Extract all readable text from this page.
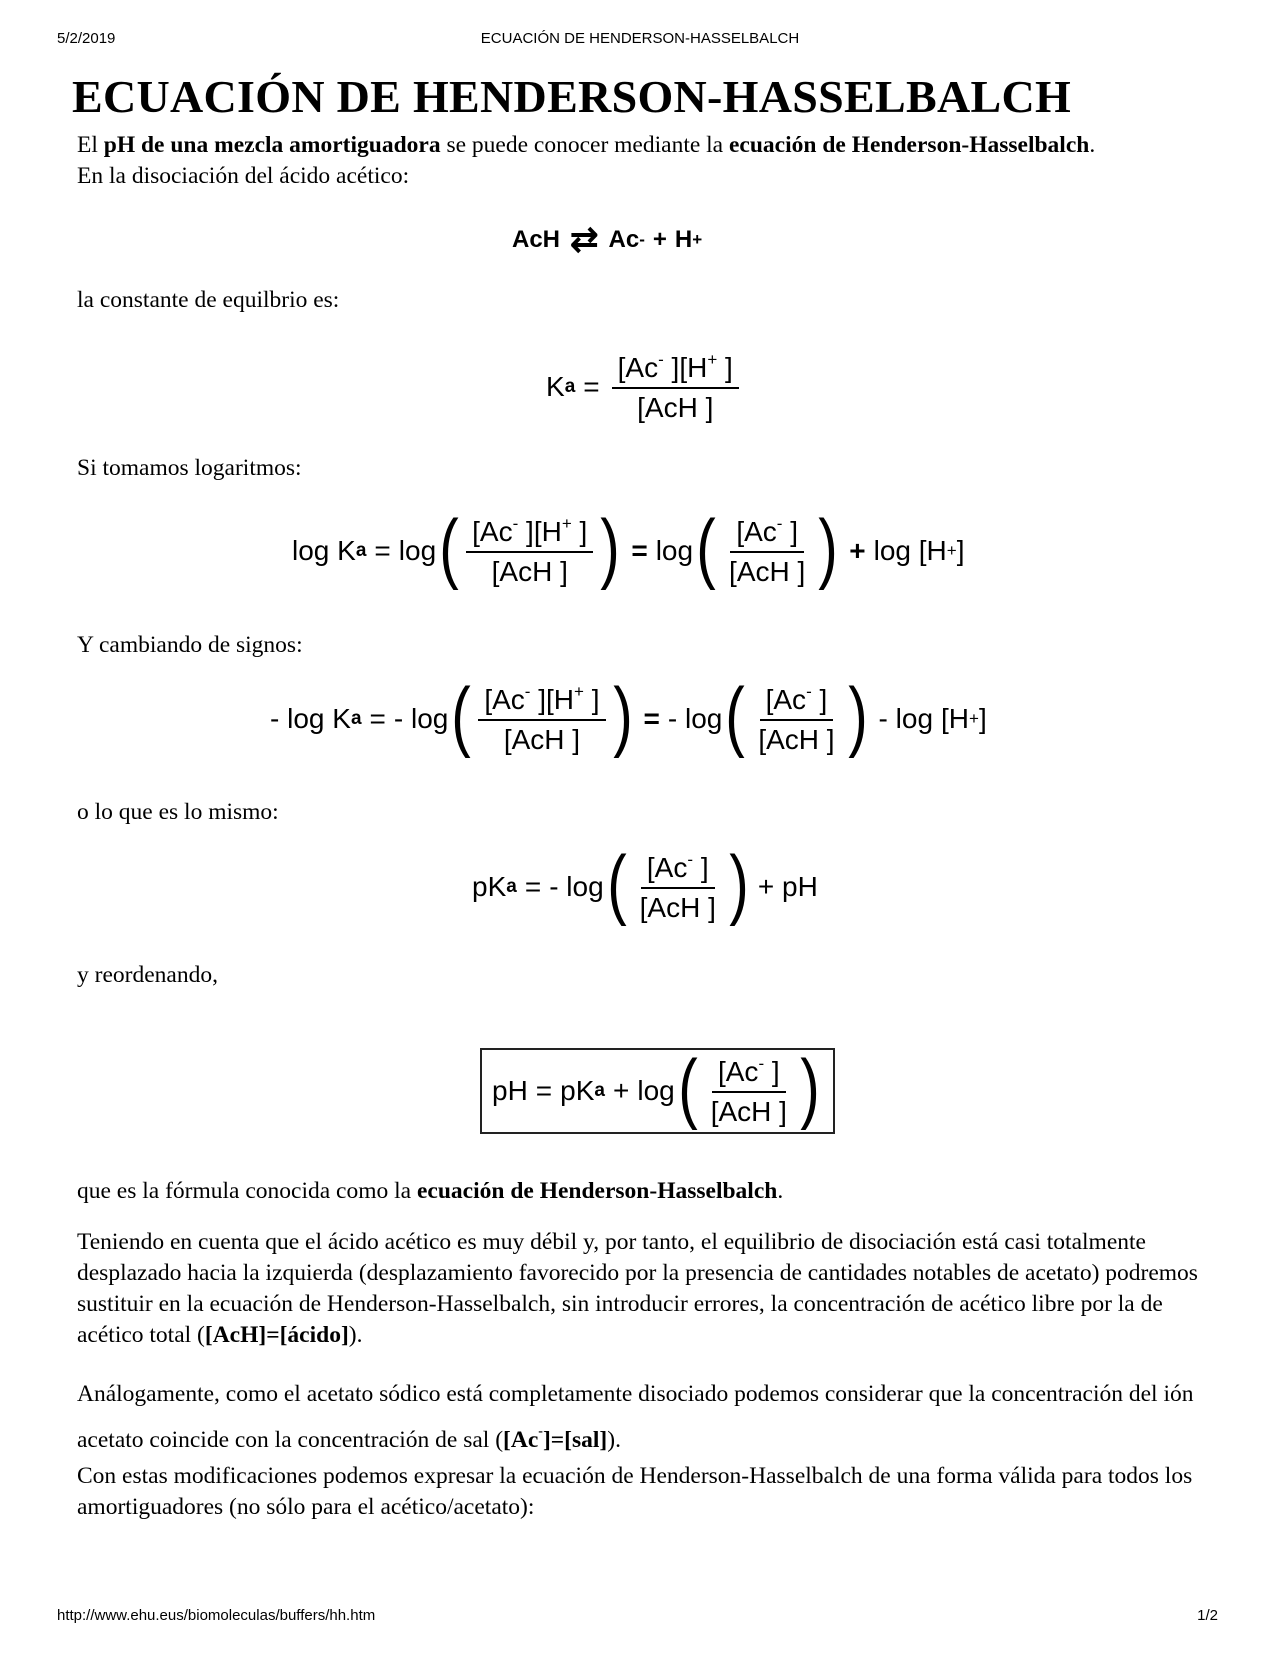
5/2/2019	ECUACIÓN DE HENDERSON-HASSELBALCH
ECUACIÓN DE HENDERSON-HASSELBALCH

El pH de una mezcla amortiguadora se puede conocer mediante la ecuación de Henderson-Hasselbalch.
En la disociación del ácido acético:

AcH ⇄ Ac - + H +

la constante de equilbrio es:

K $a = \frac{[Ac^- ][H^+ ]}{\text{[AcH ]}}$

Si tomamos logaritmos:

log
K a = log ( $\frac{[Ac^- ][H^+ ]}{\text{[AcH ]}}$ ) = log ( $\frac{[Ac^- ]}{\text{[AcH ]}}$ ) + log
[H + ]

Y cambiando de signos:

- log
K a = - log ( $\frac{[Ac^- ][H^+ ]}{\text{[AcH ]}}$ ) = - log ( $\frac{[Ac^- ]}{\text{[AcH ]}}$ ) - log [H + ]

o lo que es lo mismo:

pK a = - log ( $\frac{[Ac^- ]}{\text{[AcH ]}}$ ) + pH

y reordenando,

pH = pK a + log ( $\frac{[Ac^- ]}{\text{[AcH ]}}$ )

que es la fórmula conocida como la ecuación de Henderson-Hasselbalch.

Teniendo en cuenta que el ácido acético es muy débil y, por tanto, el equilibrio de disociación está casi totalmente desplazado hacia la izquierda (desplazamiento favorecido por la presencia de cantidades notables de acetato) podremos sustituir en la ecuación de Henderson-Hasselbalch, sin introducir errores, la concentración de acético libre por la de acético total ([AcH]=[ácido]).

Análogamente, como el acetato sódico está completamente disociado podemos considerar que la concentración del ión acetato coincide con la concentración de sal ([Ac-]=[sal]).

Con estas modificaciones podemos expresar la ecuación de Henderson-Hasselbalch de una forma válida para todos los amortiguadores (no sólo para el acético/acetato):

http://www.ehu.eus/biomoleculas/buffers/hh.htm	1/2
